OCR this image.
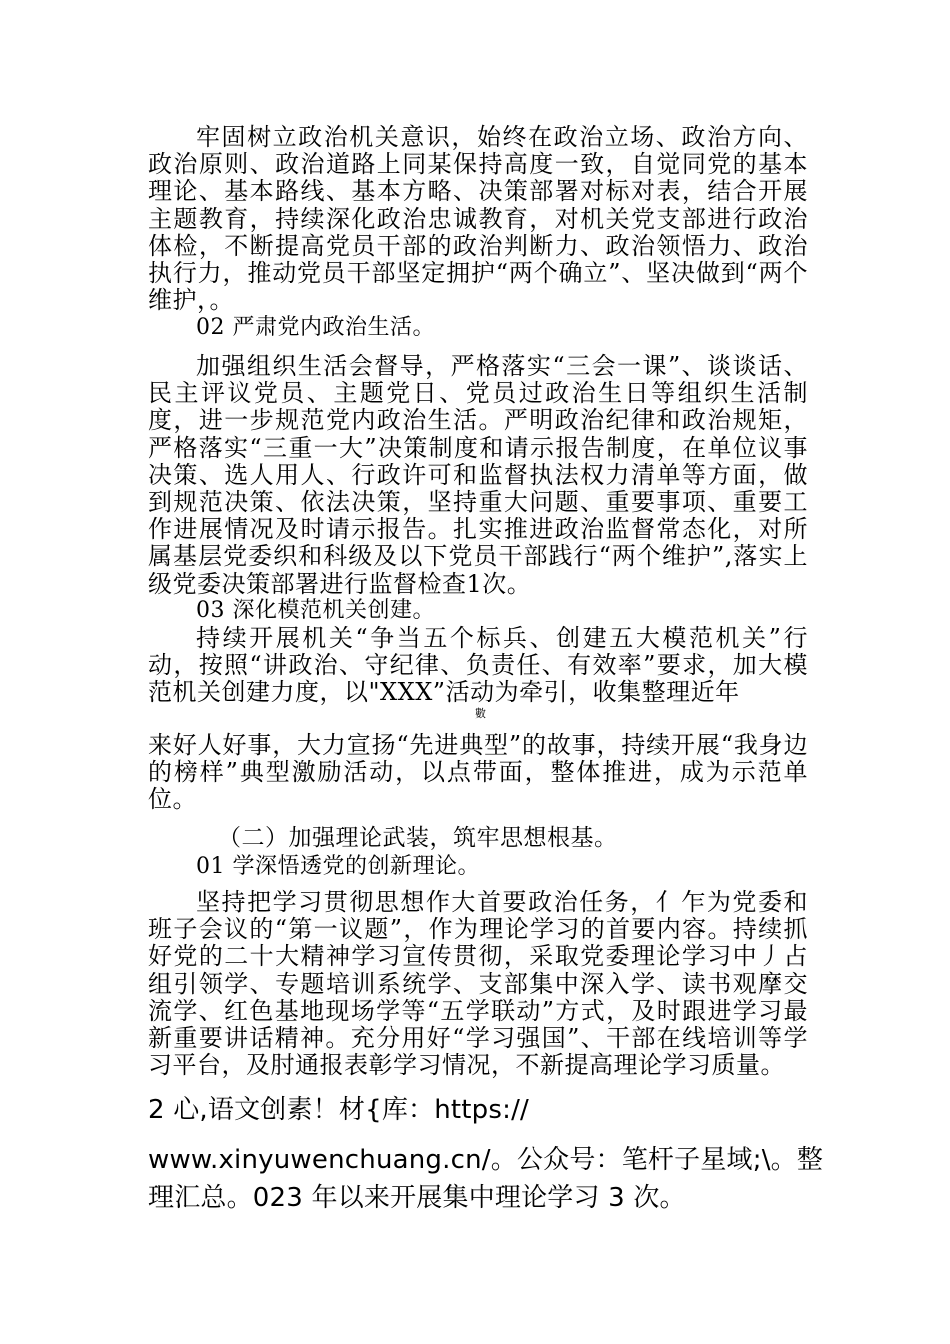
牢固树立政治机关意识，始终在政治立场、政治方向、政治原则、政治道路上同某保持高度一致，自觉同党的基本理论、基本路线、基本方略、决策部署对标对表，结合开展主题教育，持续深化政治忠诚教育，对机关党支部进行政治体检，不断提高党员干部的政治判断力、政治领悟力、政治执行力，推动党员干部坚定拥护“两个确立”、坚决做到“两个维护，。

02 严肃党内政治生活。

加强组织生活会督导，严格落实“三会一课”、谈谈话、民主评议党员、主题党日、党员过政治生日等组织生活制度，进一步规范党内政治生活。严明政治纪律和政治规矩，严格落实“三重一大”决策制度和请示报告制度，在单位议事决策、选人用人、行政许可和监督执法权力清单等方面，做到规范决策、依法决策，坚持重大问题、重要事项、重要工作进展情况及时请示报告。扎实推进政治监督常态化，对所属基层党委织和科级及以下党员干部践行“两个维护”,落实上级党委决策部署进行监督检查1次。

03 深化模范机关创建。

持续开展机关“争当五个标兵、创建五大模范机关”行动，按照“讲政治、守纪律、负责任、有效率”要求，加大模范机关创建力度，以"XXX”活动为牵引，收集整理近年

數

来好人好事，大力宣扬“先进典型”的故事，持续开展“我身边的榜样”典型激励活动，以点带面，整体推进，成为示范单位。

（二）加强理论武装，筑牢思想根基。

01 学深悟透党的创新理论。

坚持把学习贯彻思想作大首要政治任务，亻乍为党委和班子会议的“第一议题”，作为理论学习的首要内容。持续抓好党的二十大精神学习宣传贯彻，采取党委理论学习中丿占组引领学、专题培训系统学、支部集中深入学、读书观摩交流学、红色基地现场学等“五学联动”方式，及时跟进学习最新重要讲话精神。充分用好“学习强国”、干部在线培训等学习平台，及肘通报表彰学习情况，不新提高理论学习质量。

2 心,语文创素！材{库：https://

www.xinyuwenchuang.cn/。公众号：笔杆子星域;\。整

理汇总。023 年以来开展集中理论学习 3 次。
